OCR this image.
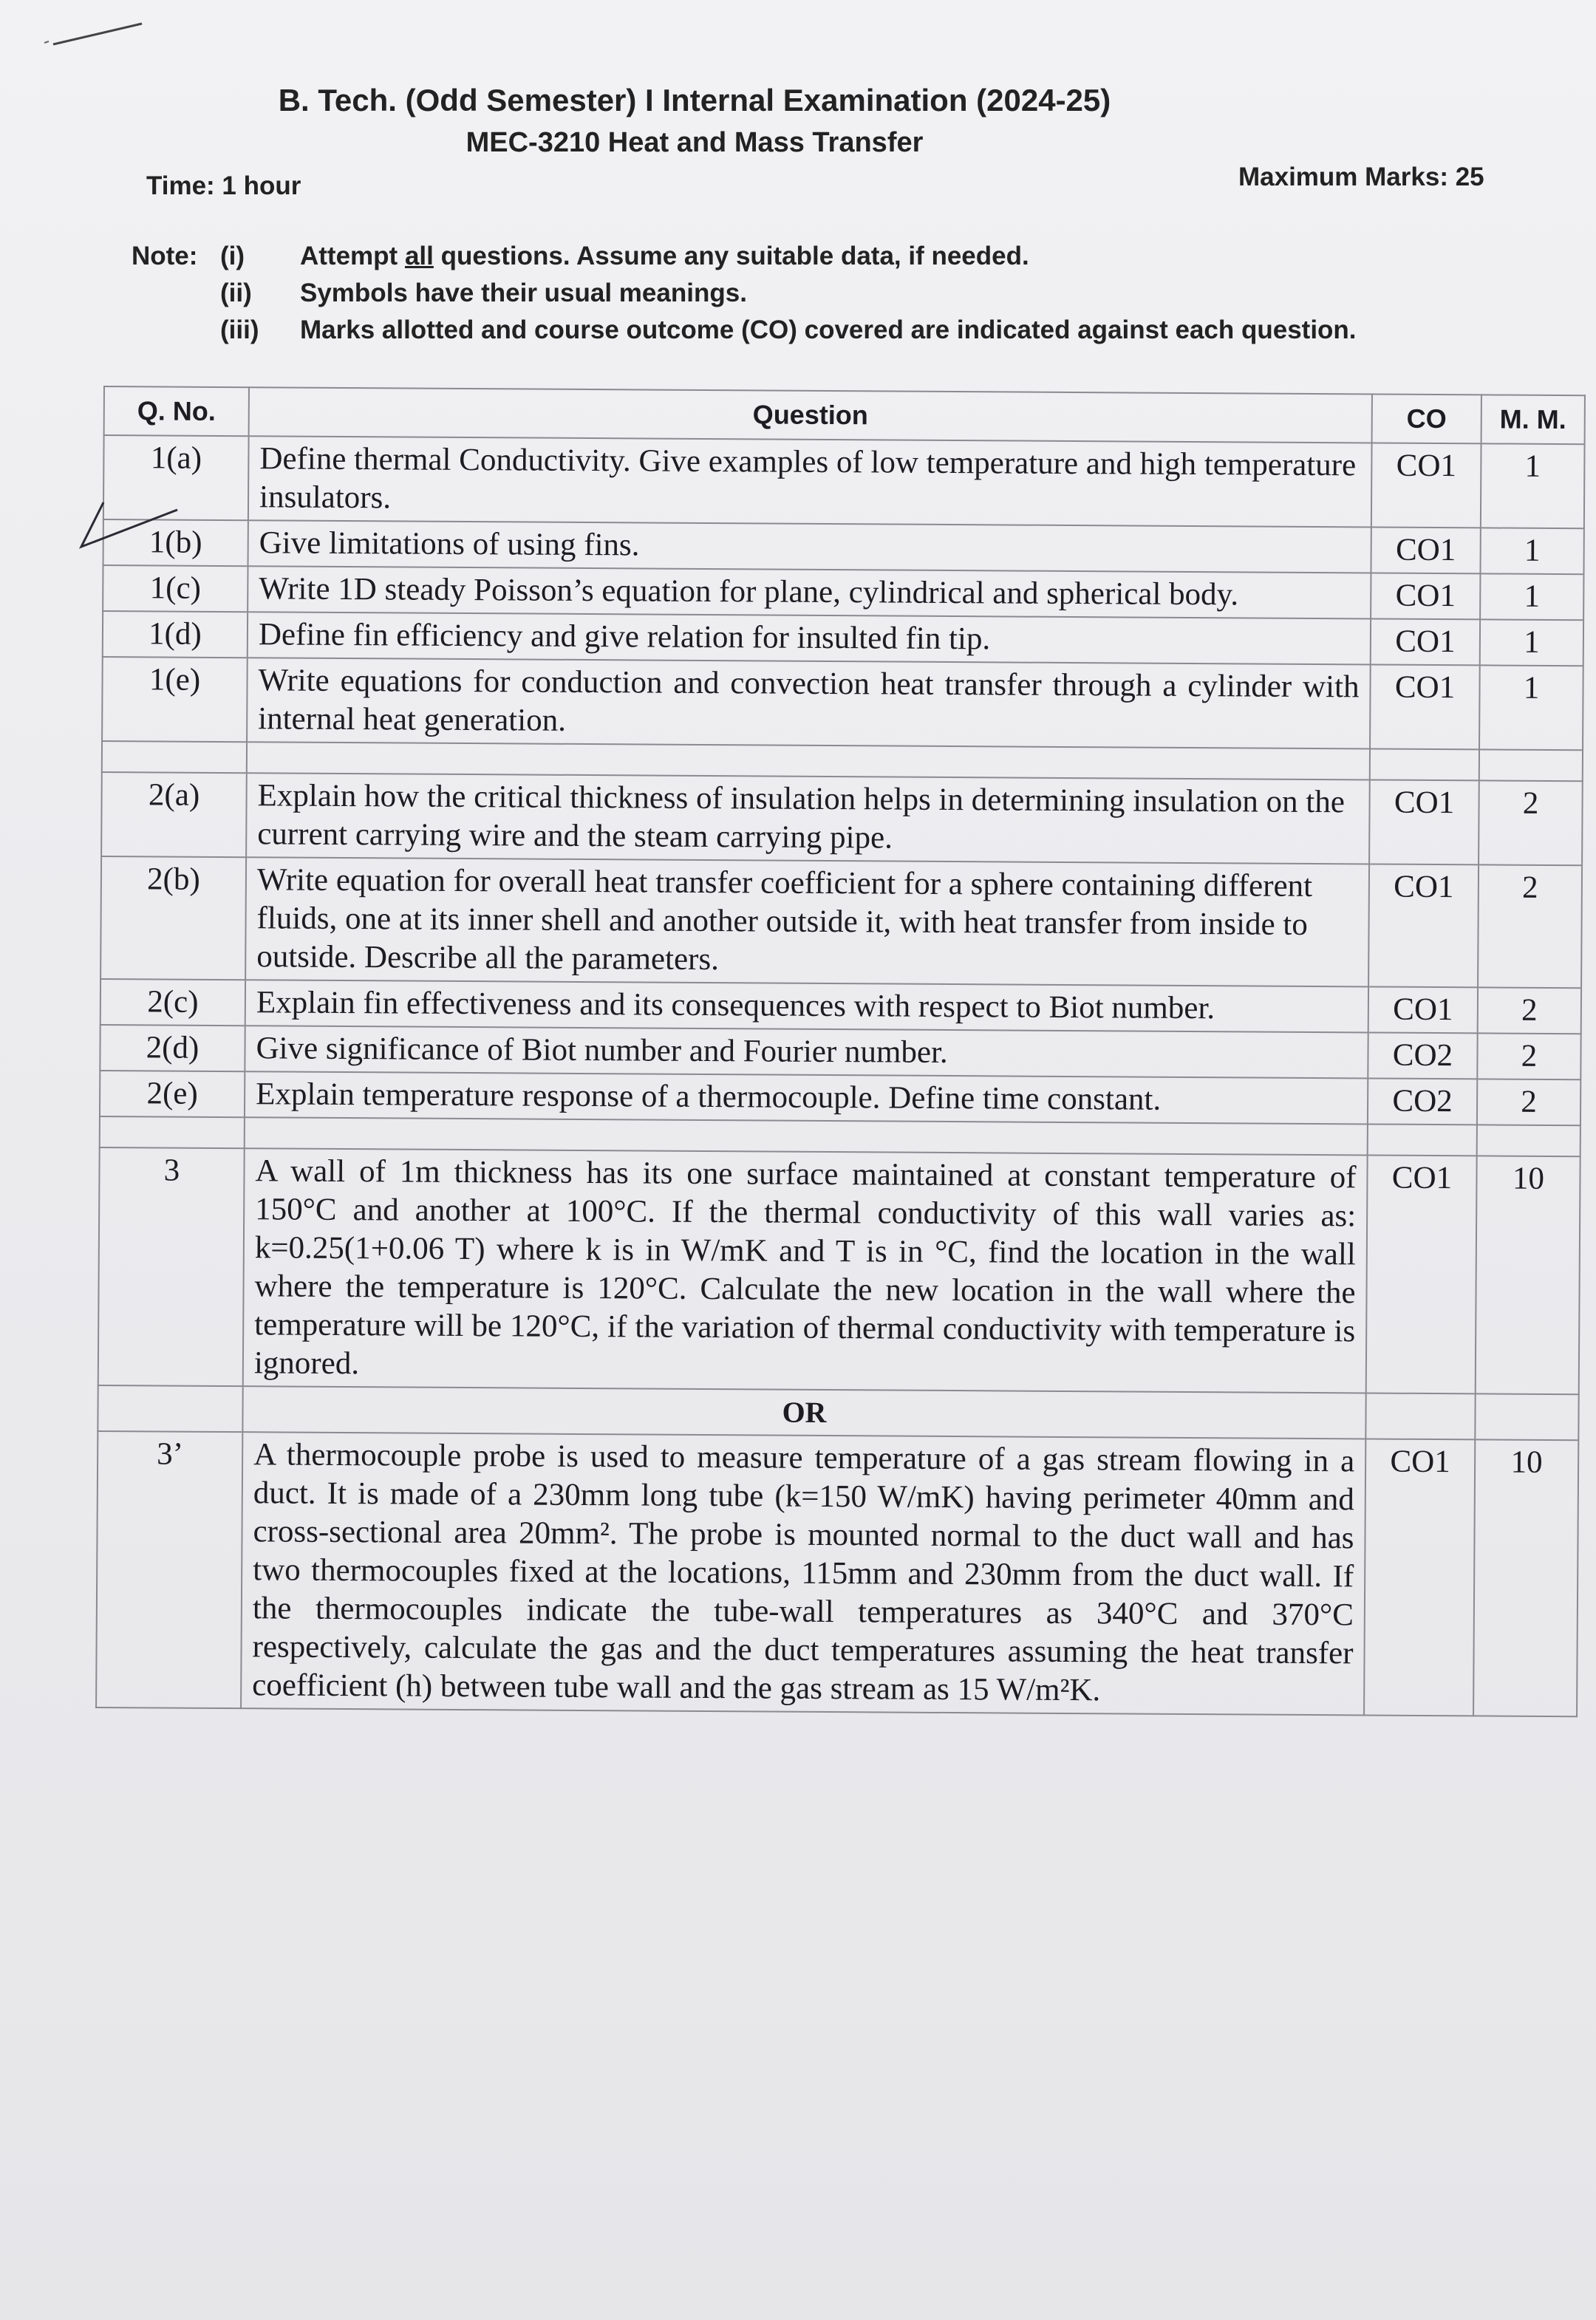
B. Tech. (Odd Semester) I Internal Examination (2024-25)
MEC-3210 Heat and Mass Transfer
Time: 1 hour	Maximum Marks: 25
Note: (i)	Attempt all questions. Assume any suitable data, if needed.
(ii)	Symbols have their usual meanings.
(iii)	Marks allotted and course outcome (CO) covered are indicated against each question.
Q. No.	Question	CO	M. M.
1(a)	Define thermal Conductivity. Give examples of low temperature and high temperature insulators.	CO1	1
1(b)	Give limitations of using fins.	CO1	1
1(c)	Write 1D steady Poisson’s equation for plane, cylindrical and spherical body.	CO1	1
1(d)	Define fin efficiency and give relation for insulted fin tip.	CO1	1
1(e)	Write equations for conduction and convection heat transfer through a cylinder with internal heat generation.	CO1	1

2(a)	Explain how the critical thickness of insulation helps in determining insulation on the current carrying wire and the steam carrying pipe.	CO1	2
2(b)	Write equation for overall heat transfer coefficient for a sphere containing different fluids, one at its inner shell and another outside it, with heat transfer from inside to outside. Describe all the parameters.	CO1	2
2(c)	Explain fin effectiveness and its consequences with respect to Biot number.	CO1	2
2(d)	Give significance of Biot number and Fourier number.	CO2	2
2(e)	Explain temperature response of a thermocouple. Define time constant.	CO2	2

3	A wall of 1m thickness has its one surface maintained at constant temperature of 150°C and another at 100°C. If the thermal conductivity of this wall varies as: k=0.25(1+0.06 T) where k is in W/mK and T is in °C, find the location in the wall where the temperature is 120°C. Calculate the new location in the wall where the temperature will be 120°C, if the variation of thermal conductivity with temperature is ignored.	CO1	10
	OR		
3’	A thermocouple probe is used to measure temperature of a gas stream flowing in a duct. It is made of a 230mm long tube (k=150 W/mK) having perimeter 40mm and cross-sectional area 20mm². The probe is mounted normal to the duct wall and has two thermocouples fixed at the locations, 115mm and 230mm from the duct wall. If the thermocouples indicate the tube-wall temperatures as 340°C and 370°C respectively, calculate the gas and the duct temperatures assuming the heat transfer coefficient (h) between tube wall and the gas stream as 15 W/m²K.	CO1	10
